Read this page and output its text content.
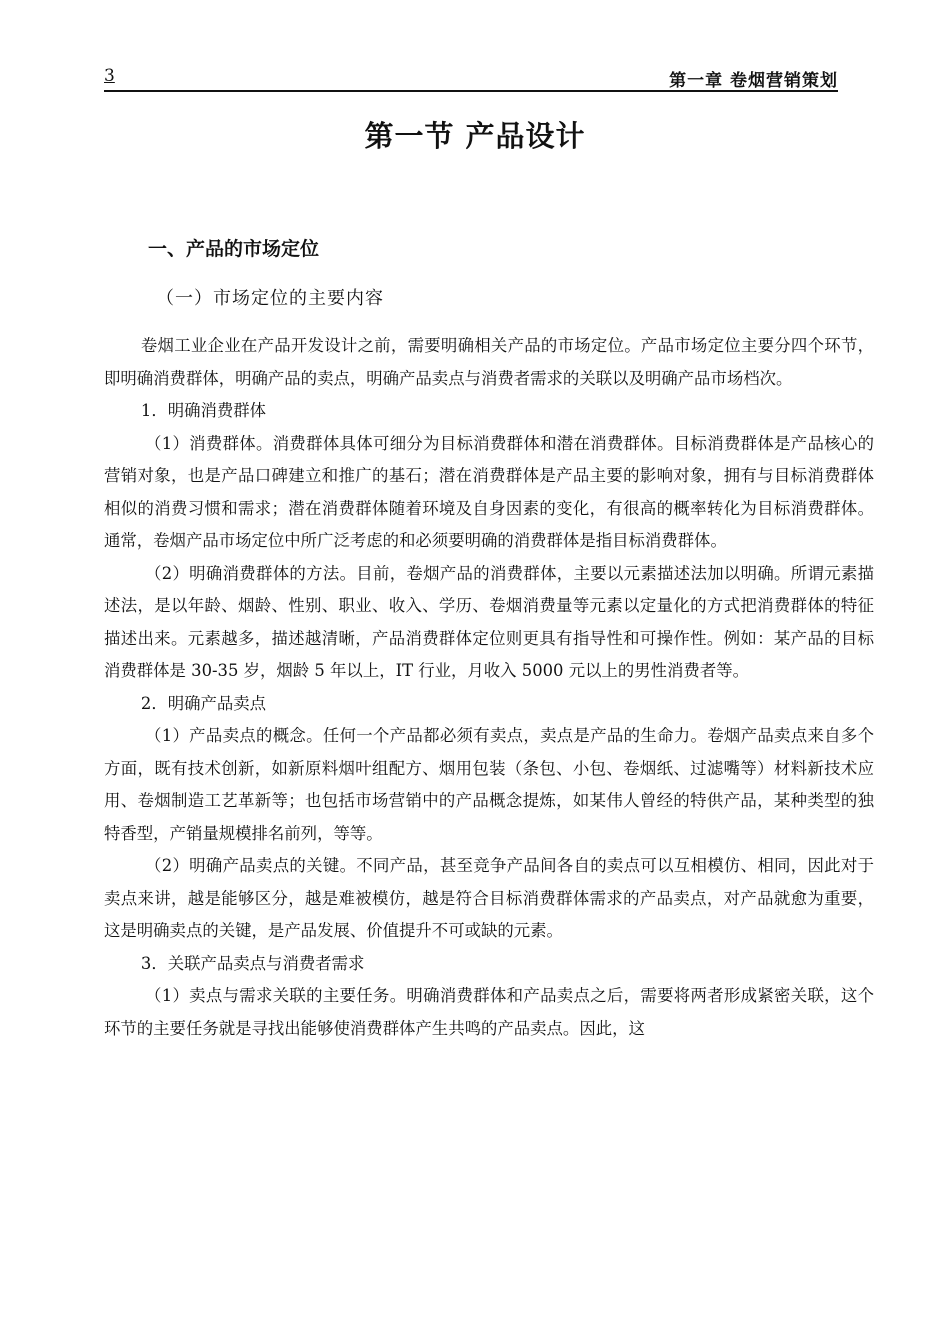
3	第一章 卷烟营销策划
第一节 产品设计
一、产品的市场定位
（一）市场定位的主要内容

卷烟工业企业在产品开发设计之前，需要明确相关产品的市场定位。产品市场定位主要分四个环节，即明确消费群体，明确产品的卖点，明确产品卖点与消费者需求的关联以及明确产品市场档次。

1．明确消费群体

（1）消费群体。消费群体具体可细分为目标消费群体和潜在消费群体。目标消费群体是产品核心的营销对象，也是产品口碑建立和推广的基石；潜在消费群体是产品主要的影响对象，拥有与目标消费群体相似的消费习惯和需求；潜在消费群体随着环境及自身因素的变化，有很高的概率转化为目标消费群体。通常，卷烟产品市场定位中所广泛考虑的和必须要明确的消费群体是指目标消费群体。

（2）明确消费群体的方法。目前，卷烟产品的消费群体，主要以元素描述法加以明确。所谓元素描述法，是以年龄、烟龄、性别、职业、收入、学历、卷烟消费量等元素以定量化的方式把消费群体的特征描述出来。元素越多，描述越清晰，产品消费群体定位则更具有指导性和可操作性。例如：某产品的目标消费群体是 30-35 岁，烟龄 5 年以上，IT 行业，月收入 5000 元以上的男性消费者等。

2．明确产品卖点

（1）产品卖点的概念。任何一个产品都必须有卖点，卖点是产品的生命力。卷烟产品卖点来自多个方面，既有技术创新，如新原料烟叶组配方、烟用包装（条包、小包、卷烟纸、过滤嘴等）材料新技术应用、卷烟制造工艺革新等；也包括市场营销中的产品概念提炼，如某伟人曾经的特供产品，某种类型的独特香型，产销量规模排名前列，等等。

（2）明确产品卖点的关键。不同产品，甚至竞争产品间各自的卖点可以互相模仿、相同，因此对于卖点来讲，越是能够区分，越是难被模仿，越是符合目标消费群体需求的产品卖点，对产品就愈为重要，这是明确卖点的关键，是产品发展、价值提升不可或缺的元素。

3．关联产品卖点与消费者需求

（1）卖点与需求关联的主要任务。明确消费群体和产品卖点之后，需要将两者形成紧密关联，这个环节的主要任务就是寻找出能够使消费群体产生共鸣的产品卖点。因此，这
